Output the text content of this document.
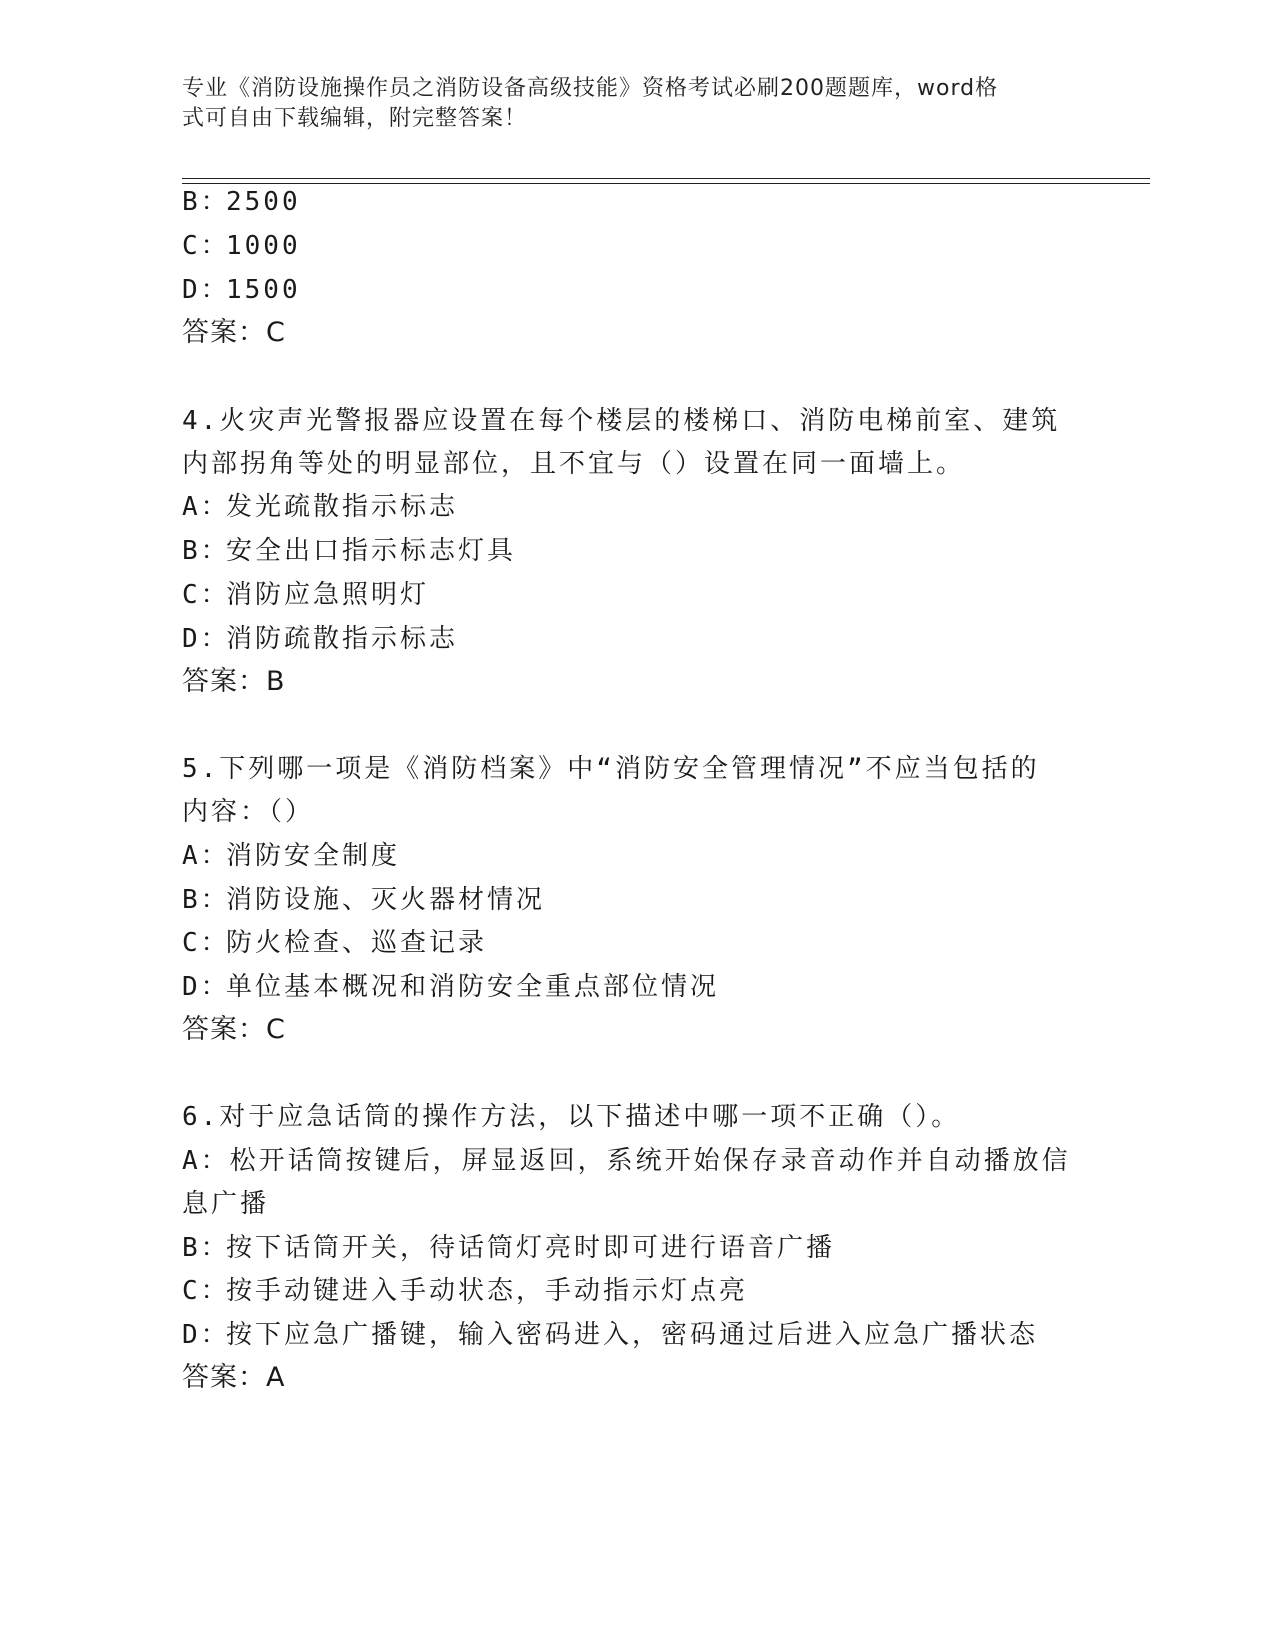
专业《消防设施操作员之消防设备高级技能》资格考试必刷200题题库，word格
式可自由下载编辑，附完整答案！
B：2500
C：1000
D：1500
答案：C
4.火灾声光警报器应设置在每个楼层的楼梯口、消防电梯前室、建筑
内部拐角等处的明显部位，且不宜与（）设置在同一面墙上。
A：发光疏散指示标志
B：安全出口指示标志灯具
C：消防应急照明灯
D：消防疏散指示标志
答案：B
5.下列哪一项是《消防档案》中“消防安全管理情况”不应当包括的
内容：（）
A：消防安全制度
B：消防设施、灭火器材情况
C：防火检查、巡查记录
D：单位基本概况和消防安全重点部位情况
答案：C
6.对于应急话筒的操作方法，以下描述中哪一项不正确（）。
A：松开话筒按键后，屏显返回，系统开始保存录音动作并自动播放信
息广播
B：按下话筒开关，待话筒灯亮时即可进行语音广播
C：按手动键进入手动状态，手动指示灯点亮
D：按下应急广播键，输入密码进入，密码通过后进入应急广播状态
答案：A
